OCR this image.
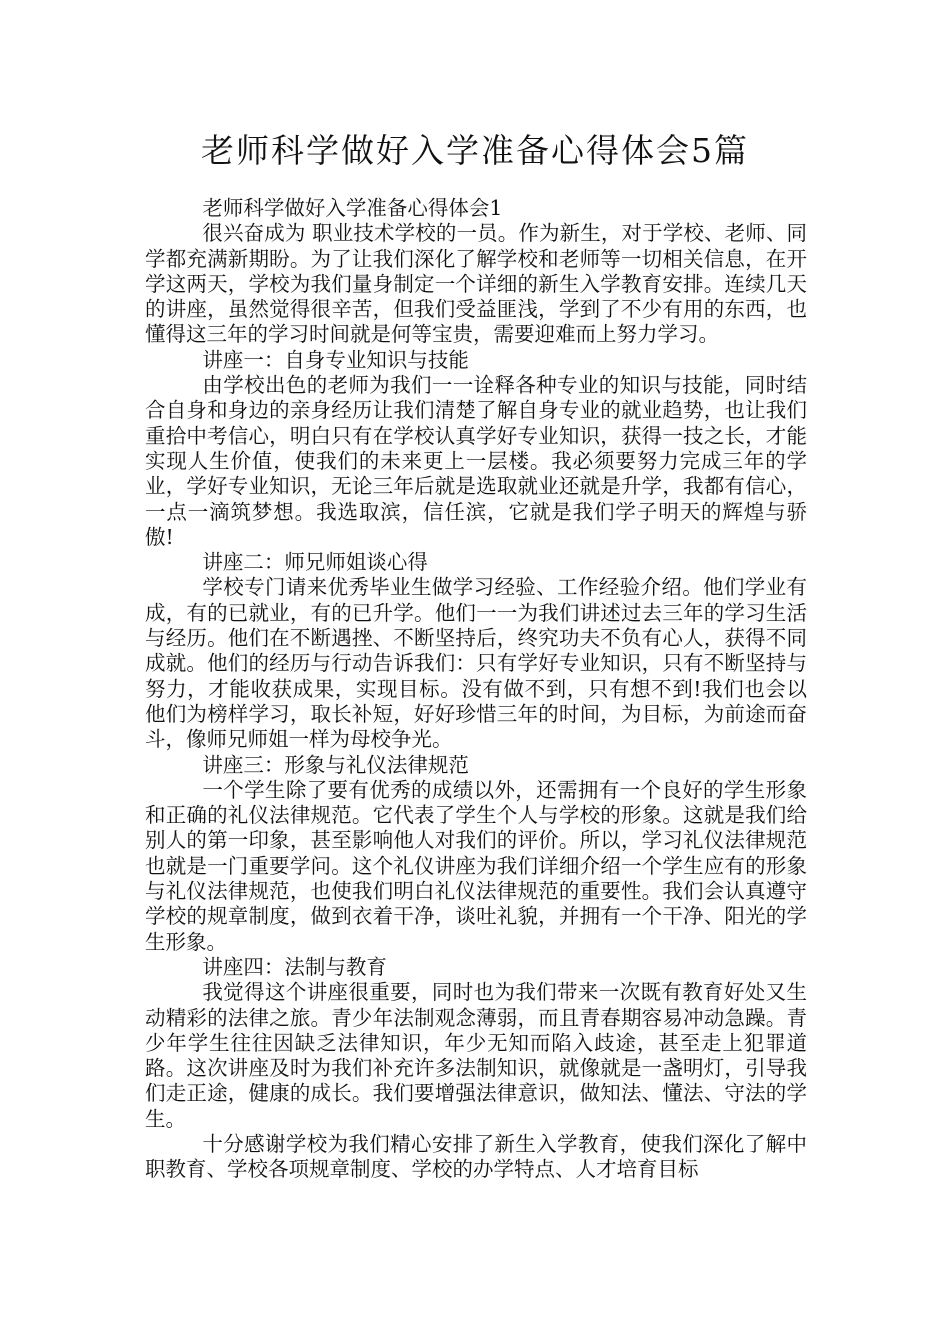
老师科学做好入学准备心得体会5篇

老师科学做好入学准备心得体会1

很兴奋成为 职业技术学校的一员。作为新生，对于学校、老师、同学都充满新期盼。为了让我们深化了解学校和老师等一切相关信息，在开学这两天，学校为我们量身制定一个详细的新生入学教育安排。连续几天的讲座，虽然觉得很辛苦，但我们受益匪浅，学到了不少有用的东西，也懂得这三年的学习时间就是何等宝贵，需要迎难而上努力学习。

讲座一：自身专业知识与技能

由学校出色的老师为我们一一诠释各种专业的知识与技能，同时结合自身和身边的亲身经历让我们清楚了解自身专业的就业趋势，也让我们重拾中考信心，明白只有在学校认真学好专业知识，获得一技之长，才能实现人生价值，使我们的未来更上一层楼。我必须要努力完成三年的学业，学好专业知识，无论三年后就是选取就业还就是升学，我都有信心，一点一滴筑梦想。我选取滨，信任滨，它就是我们学子明天的辉煌与骄傲!

讲座二：师兄师姐谈心得

学校专门请来优秀毕业生做学习经验、工作经验介绍。他们学业有成，有的已就业，有的已升学。他们一一为我们讲述过去三年的学习生活与经历。他们在不断遇挫、不断坚持后，终究功夫不负有心人，获得不同成就。他们的经历与行动告诉我们：只有学好专业知识，只有不断坚持与努力，才能收获成果，实现目标。没有做不到，只有想不到!我们也会以他们为榜样学习，取长补短，好好珍惜三年的时间，为目标，为前途而奋斗，像师兄师姐一样为母校争光。

讲座三：形象与礼仪法律规范

一个学生除了要有优秀的成绩以外，还需拥有一个良好的学生形象和正确的礼仪法律规范。它代表了学生个人与学校的形象。这就是我们给别人的第一印象，甚至影响他人对我们的评价。所以，学习礼仪法律规范也就是一门重要学问。这个礼仪讲座为我们详细介绍一个学生应有的形象与礼仪法律规范，也使我们明白礼仪法律规范的重要性。我们会认真遵守学校的规章制度，做到衣着干净，谈吐礼貌，并拥有一个干净、阳光的学生形象。

讲座四：法制与教育

我觉得这个讲座很重要，同时也为我们带来一次既有教育好处又生动精彩的法律之旅。青少年法制观念薄弱，而且青春期容易冲动急躁。青少年学生往往因缺乏法律知识，年少无知而陷入歧途，甚至走上犯罪道路。这次讲座及时为我们补充许多法制知识，就像就是一盏明灯，引导我们走正途，健康的成长。我们要增强法律意识，做知法、懂法、守法的学生。

十分感谢学校为我们精心安排了新生入学教育，使我们深化了解中职教育、学校各项规章制度、学校的办学特点、人才培育目标
